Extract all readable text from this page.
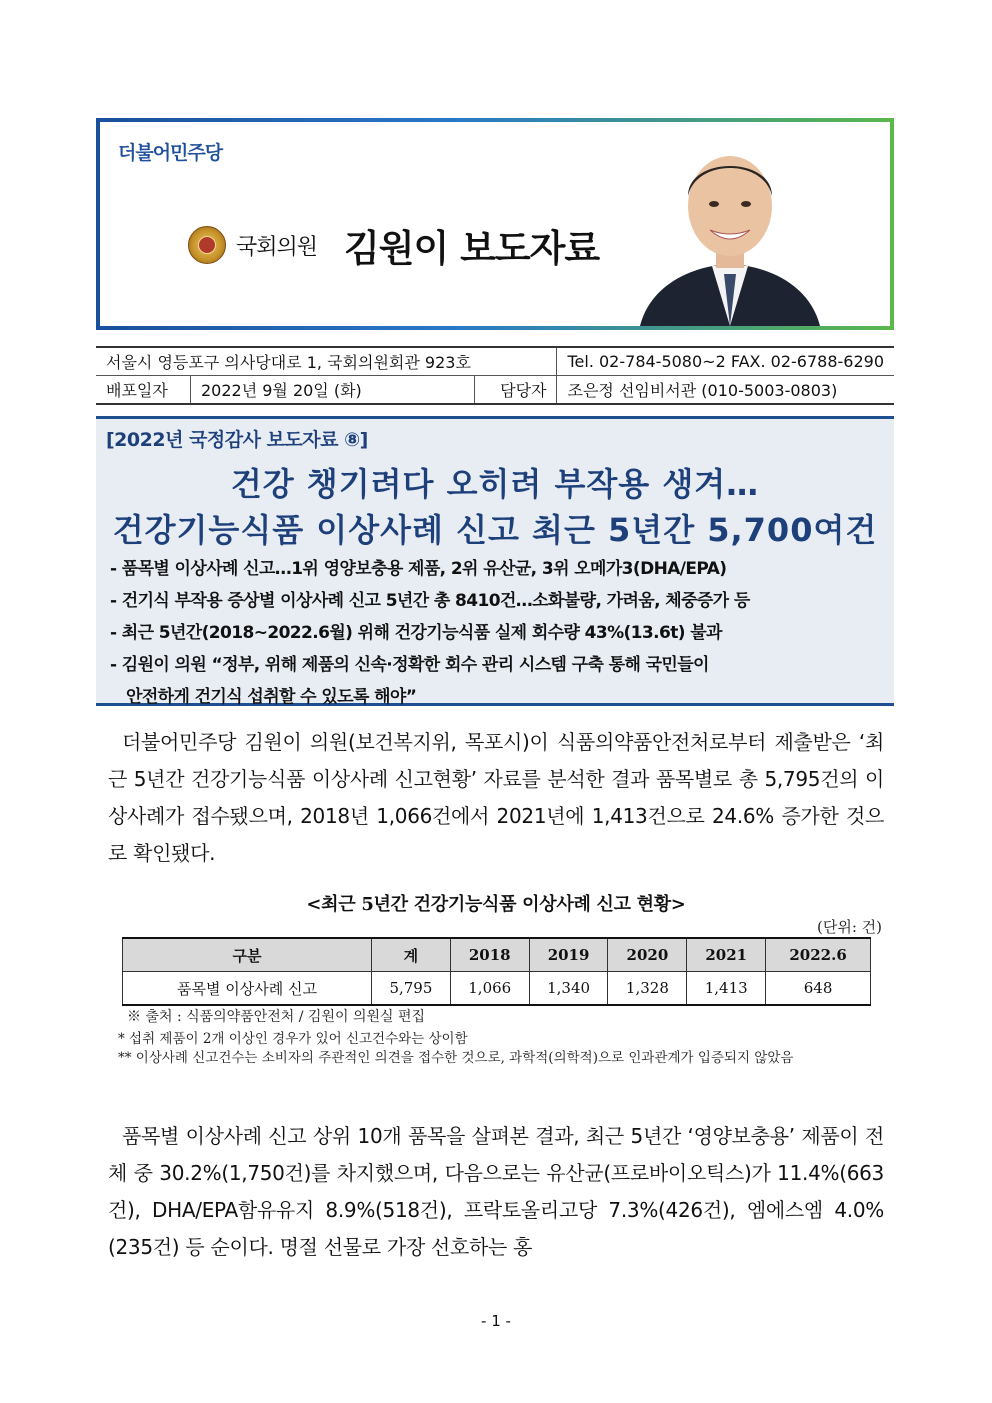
더불어민주당
국회의원 김원이 보도자료
서울시 영등포구 의사당대로 1, 국회의원회관 923호			Tel. 02-784-5080~2 FAX. 02-6788-6290
배포일자	2022년 9월 20일 (화)	담당자	조은정 선임비서관 (010-5003-0803)
[2022년 국정감사 보도자료 ⑧]
건강 챙기려다 오히려 부작용 생겨…
건강기능식품 이상사례 신고 최근 5년간 5,700여건
- 품목별 이상사례 신고…1위 영양보충용 제품, 2위 유산균, 3위 오메가3(DHA/EPA)
- 건기식 부작용 증상별 이상사례 신고 5년간 총 8410건…소화불량, 가려움, 체중증가 등
- 최근 5년간(2018~2022.6월) 위해 건강기능식품 실제 회수량 43%(13.6t) 불과
- 김원이 의원 “정부, 위해 제품의 신속·정확한 회수 관리 시스템 구축 통해 국민들이
안전하게 건기식 섭취할 수 있도록 해야”

더불어민주당 김원이 의원(보건복지위, 목포시)이 식품의약품안전처로부터 제출받은 ‘최근 5년간 건강기능식품 이상사례 신고현황’ 자료를 분석한 결과 품목별로 총 5,795건의 이상사례가 접수됐으며, 2018년 1,066건에서 2021년에 1,413건으로 24.6% 증가한 것으로 확인됐다.

<최근 5년간 건강기능식품 이상사례 신고 현황>
(단위: 건)
구분	계	2018	2019	2020	2021	2022.6
품목별 이상사례 신고	5,795	1,066	1,340	1,328	1,413	648
※ 출처 : 식품의약품안전처 / 김원이 의원실 편집
* 섭취 제품이 2개 이상인 경우가 있어 신고건수와는 상이함
** 이상사례 신고건수는 소비자의 주관적인 의견을 접수한 것으로, 과학적(의학적)으로 인과관계가 입증되지 않았음

품목별 이상사례 신고 상위 10개 품목을 살펴본 결과, 최근 5년간 ‘영양보충용’ 제품이 전체 중 30.2%(1,750건)를 차지했으며, 다음으로는 유산균(프로바이오틱스)가 11.4%(663건), DHA/EPA함유유지 8.9%(518건), 프락토올리고당 7.3%(426건), 엠에스엠 4.0%(235건) 등 순이다. 명절 선물로 가장 선호하는 홍

- 1 -
